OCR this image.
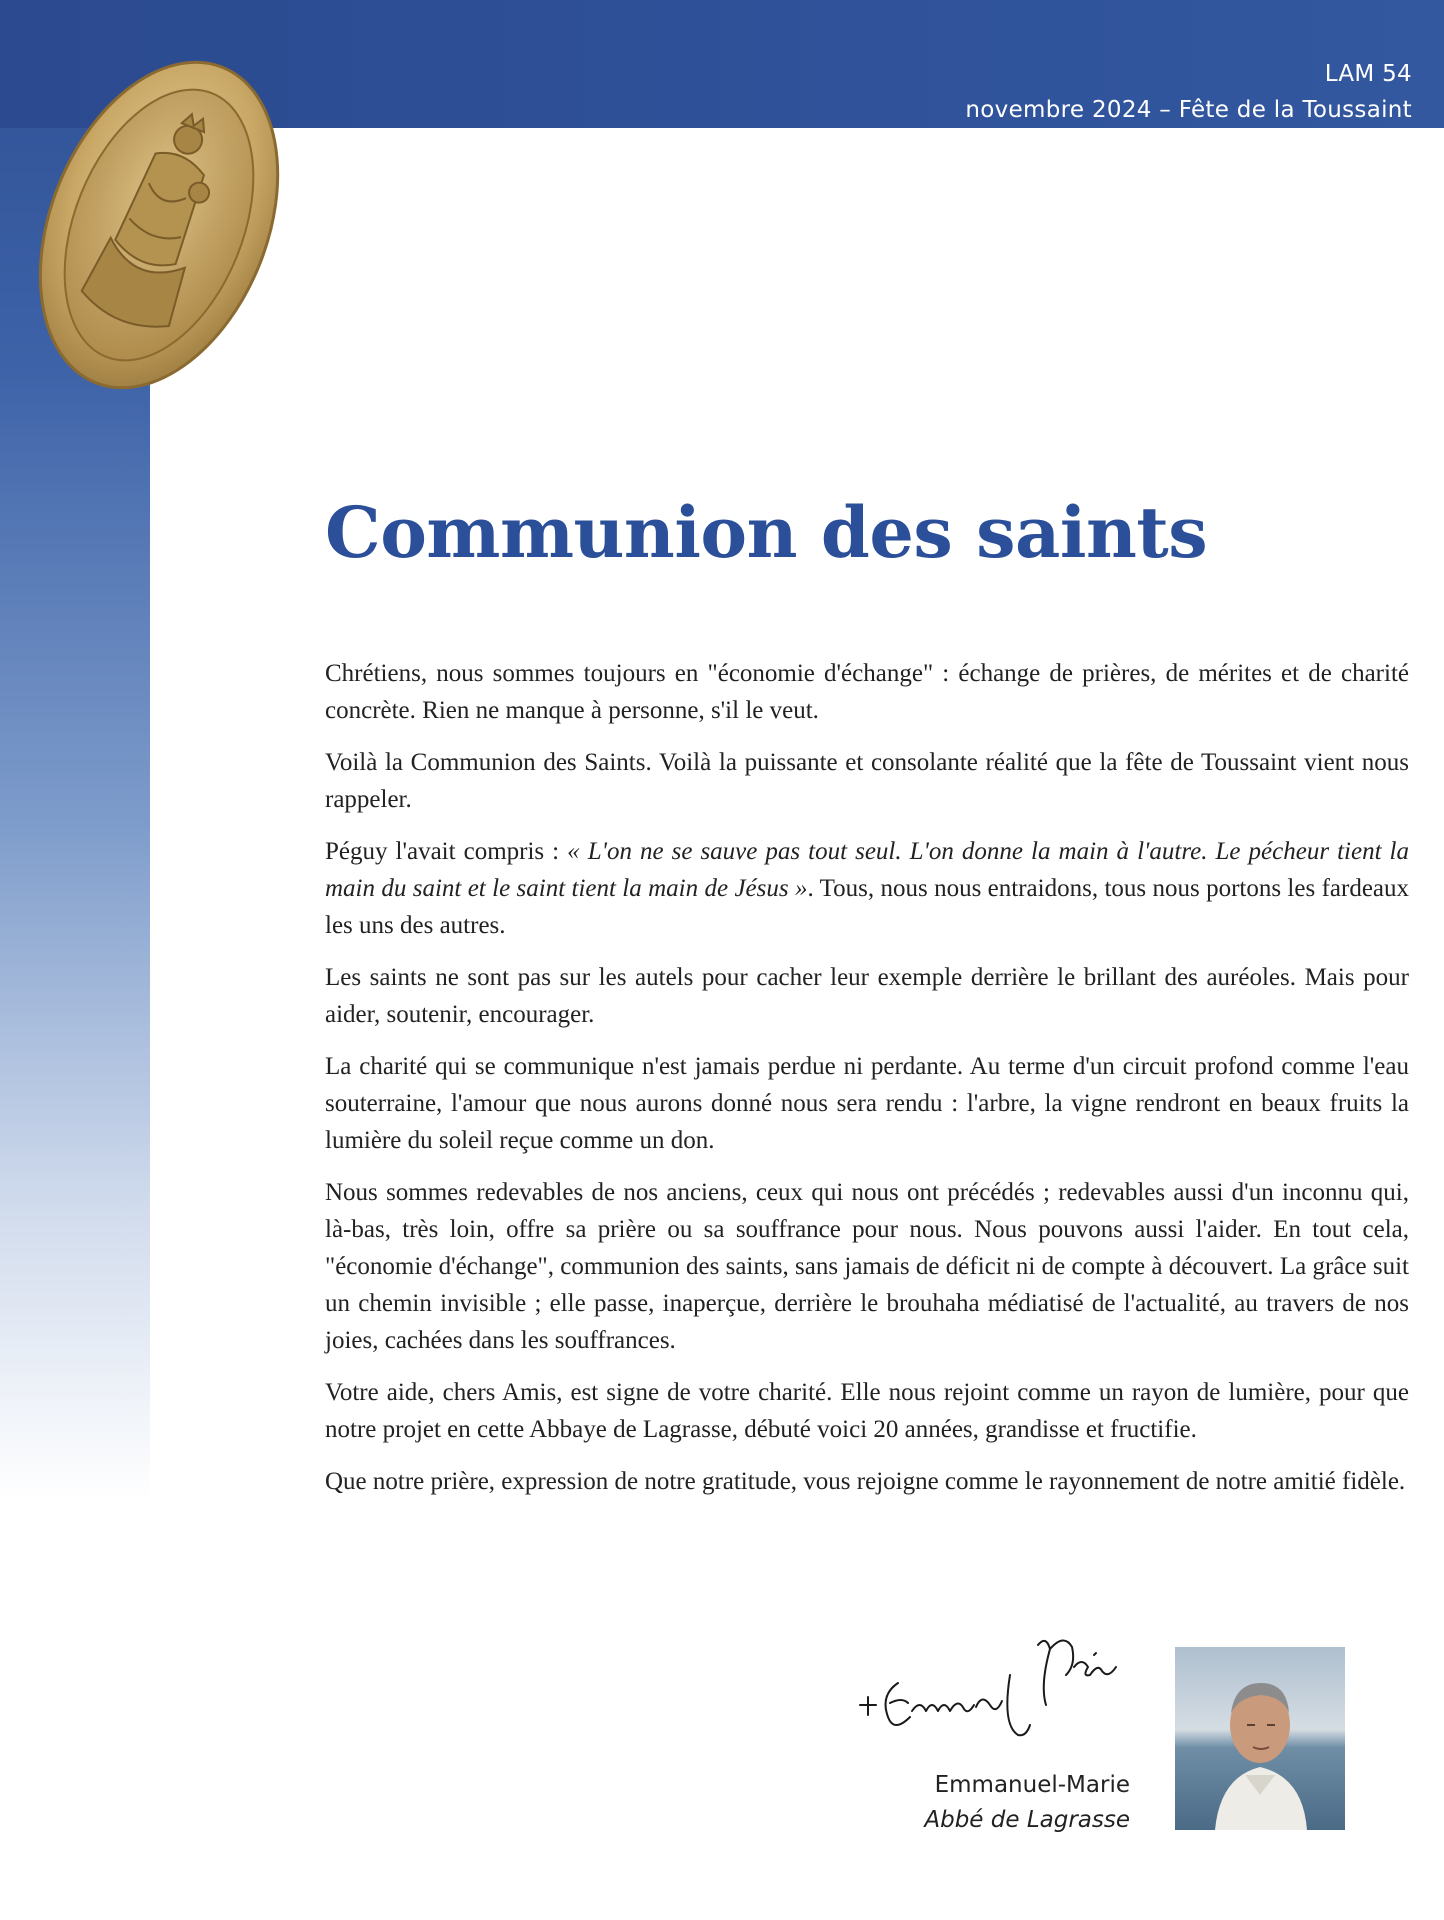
LAM 54
novembre 2024 – Fête de la Toussaint
Communion des saints

Chrétiens, nous sommes toujours en "économie d'échange" : échange de prières, de mérites et de charité concrète. Rien ne manque à personne, s'il le veut.

Voilà la Communion des Saints. Voilà la puissante et consolante réalité que la fête de Toussaint vient nous rappeler.

Péguy l'avait compris : « L'on ne se sauve pas tout seul. L'on donne la main à l'autre. Le pécheur tient la main du saint et le saint tient la main de Jésus ». Tous, nous nous entraidons, tous nous portons les fardeaux les uns des autres.

Les saints ne sont pas sur les autels pour cacher leur exemple derrière le brillant des auréoles. Mais pour aider, soutenir, encourager.

La charité qui se communique n'est jamais perdue ni perdante. Au terme d'un circuit profond comme l'eau souterraine, l'amour que nous aurons donné nous sera rendu : l'arbre, la vigne rendront en beaux fruits la lumière du soleil reçue comme un don.

Nous sommes redevables de nos anciens, ceux qui nous ont précédés ; redevables aussi d'un inconnu qui, là-bas, très loin, offre sa prière ou sa souffrance pour nous. Nous pouvons aussi l'aider. En tout cela, "économie d'échange", communion des saints, sans jamais de déficit ni de compte à découvert. La grâce suit un chemin invisible ; elle passe, inaperçue, derrière le brouhaha médiatisé de l'actualité, au travers de nos joies, cachées dans les souffrances.

Votre aide, chers Amis, est signe de votre charité. Elle nous rejoint comme un rayon de lumière, pour que notre projet en cette Abbaye de Lagrasse, débuté voici 20 années, grandisse et fructifie.

Que notre prière, expression de notre gratitude, vous rejoigne comme le rayonnement de notre amitié fidèle.

Emmanuel-Marie
Abbé de Lagrasse
